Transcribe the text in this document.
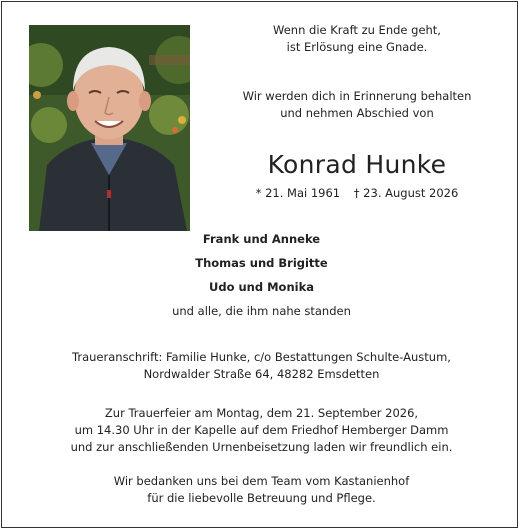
Wenn die Kraft zu Ende geht,
ist Erlösung eine Gnade.
Wir werden dich in Erinnerung behalten
und nehmen Abschied von
Konrad Hunke
* 21. Mai 1961 † 23. August 2026
Frank und Anneke
Thomas und Brigitte
Udo und Monika
und alle, die ihm nahe standen
Traueranschrift: Familie Hunke, c/o Bestattungen Schulte-Austum,
Nordwalder Straße 64, 48282 Emsdetten
Zur Trauerfeier am Montag, dem 21. September 2026,
um 14.30 Uhr in der Kapelle auf dem Friedhof Hemberger Damm
und zur anschließenden Urnenbeisetzung laden wir freundlich ein.
Wir bedanken uns bei dem Team vom Kastanienhof
für die liebevolle Betreuung und Pflege.
